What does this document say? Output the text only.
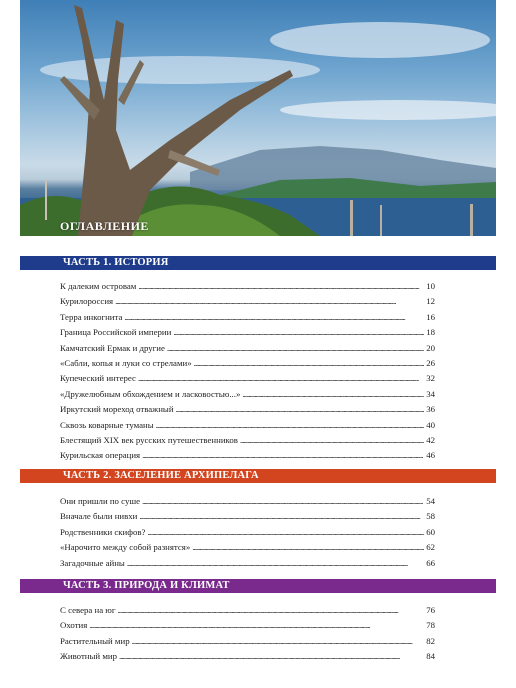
ОГЛАВЛЕНИЕ
ЧАСТЬ 1. ИСТОРИЯ
К далеким островам . . .	10
Курилороссия . . .	12
Терра инкогнита . . .	16
Граница Российской империи . . .	18
Камчатский Ермак и другие . . .	20
«Сабли, копья и луки со стрелами» . . .	26
Купеческий интерес . . .	32
«Дружелюбным обхождением и ласковостью...» . . .	34
Иркутский мореход отважный . . .	36
Сквозь коварные туманы . . .	40
Блестящий XIX век русских путешественников . . .	42
Курильская операция . . .	46
ЧАСТЬ 2. ЗАСЕЛЕНИЕ АРХИПЕЛАГА
Они пришли по суше . . .	54
Вначале были нивхи . . .	58
Родственники скифов? . . .	60
«Нарочито между собой разнятся» . . .	62
Загадочные айны . . .	66
ЧАСТЬ 3. ПРИРОДА И КЛИМАТ
С севера на юг . . .	76
Охотия . . .	78
Растительный мир . . .	82
Животный мир . . .	84
